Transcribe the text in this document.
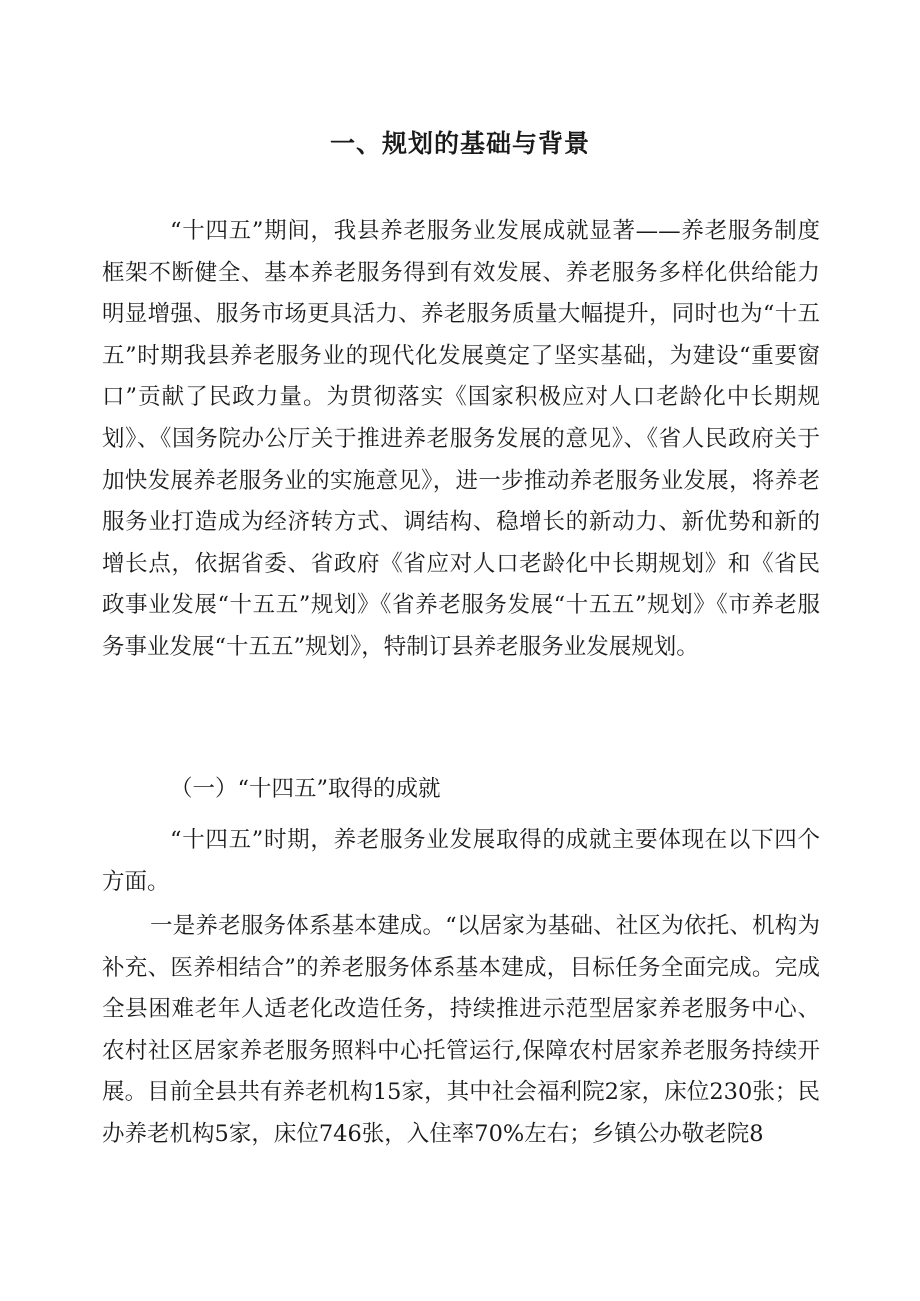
一、规划的基础与背景

“十四五”期间，我县养老服务业发展成就显著——养老服务制度框架不断健全、基本养老服务得到有效发展、养老服务多样化供给能力明显增强、服务市场更具活力、养老服务质量大幅提升，同时也为“十五五”时期我县养老服务业的现代化发展奠定了坚实基础，为建设“重要窗口”贡献了民政力量。为贯彻落实《国家积极应对人口老龄化中长期规划》、《国务院办公厅关于推进养老服务发展的意见》、《省人民政府关于加快发展养老服务业的实施意见》，进一步推动养老服务业发展，将养老服务业打造成为经济转方式、调结构、稳增长的新动力、新优势和新的增长点，依据省委、省政府《省应对人口老龄化中长期规划》和《省民政事业发展“十五五”规划》《省养老服务发展“十五五”规划》《市养老服务事业发展“十五五”规划》，特制订县养老服务业发展规划。

（一）“十四五”取得的成就

“十四五”时期，养老服务业发展取得的成就主要体现在以下四个方面。

一是养老服务体系基本建成。“以居家为基础、社区为依托、机构为补充、医养相结合”的养老服务体系基本建成，目标任务全面完成。完成全县困难老年人适老化改造任务，持续推进示范型居家养老服务中心、农村社区居家养老服务照料中心托管运行,保障农村居家养老服务持续开展。目前全县共有养老机构15家，其中社会福利院2家，床位230张；民办养老机构5家，床位746张，入住率70%左右；乡镇公办敬老院8
